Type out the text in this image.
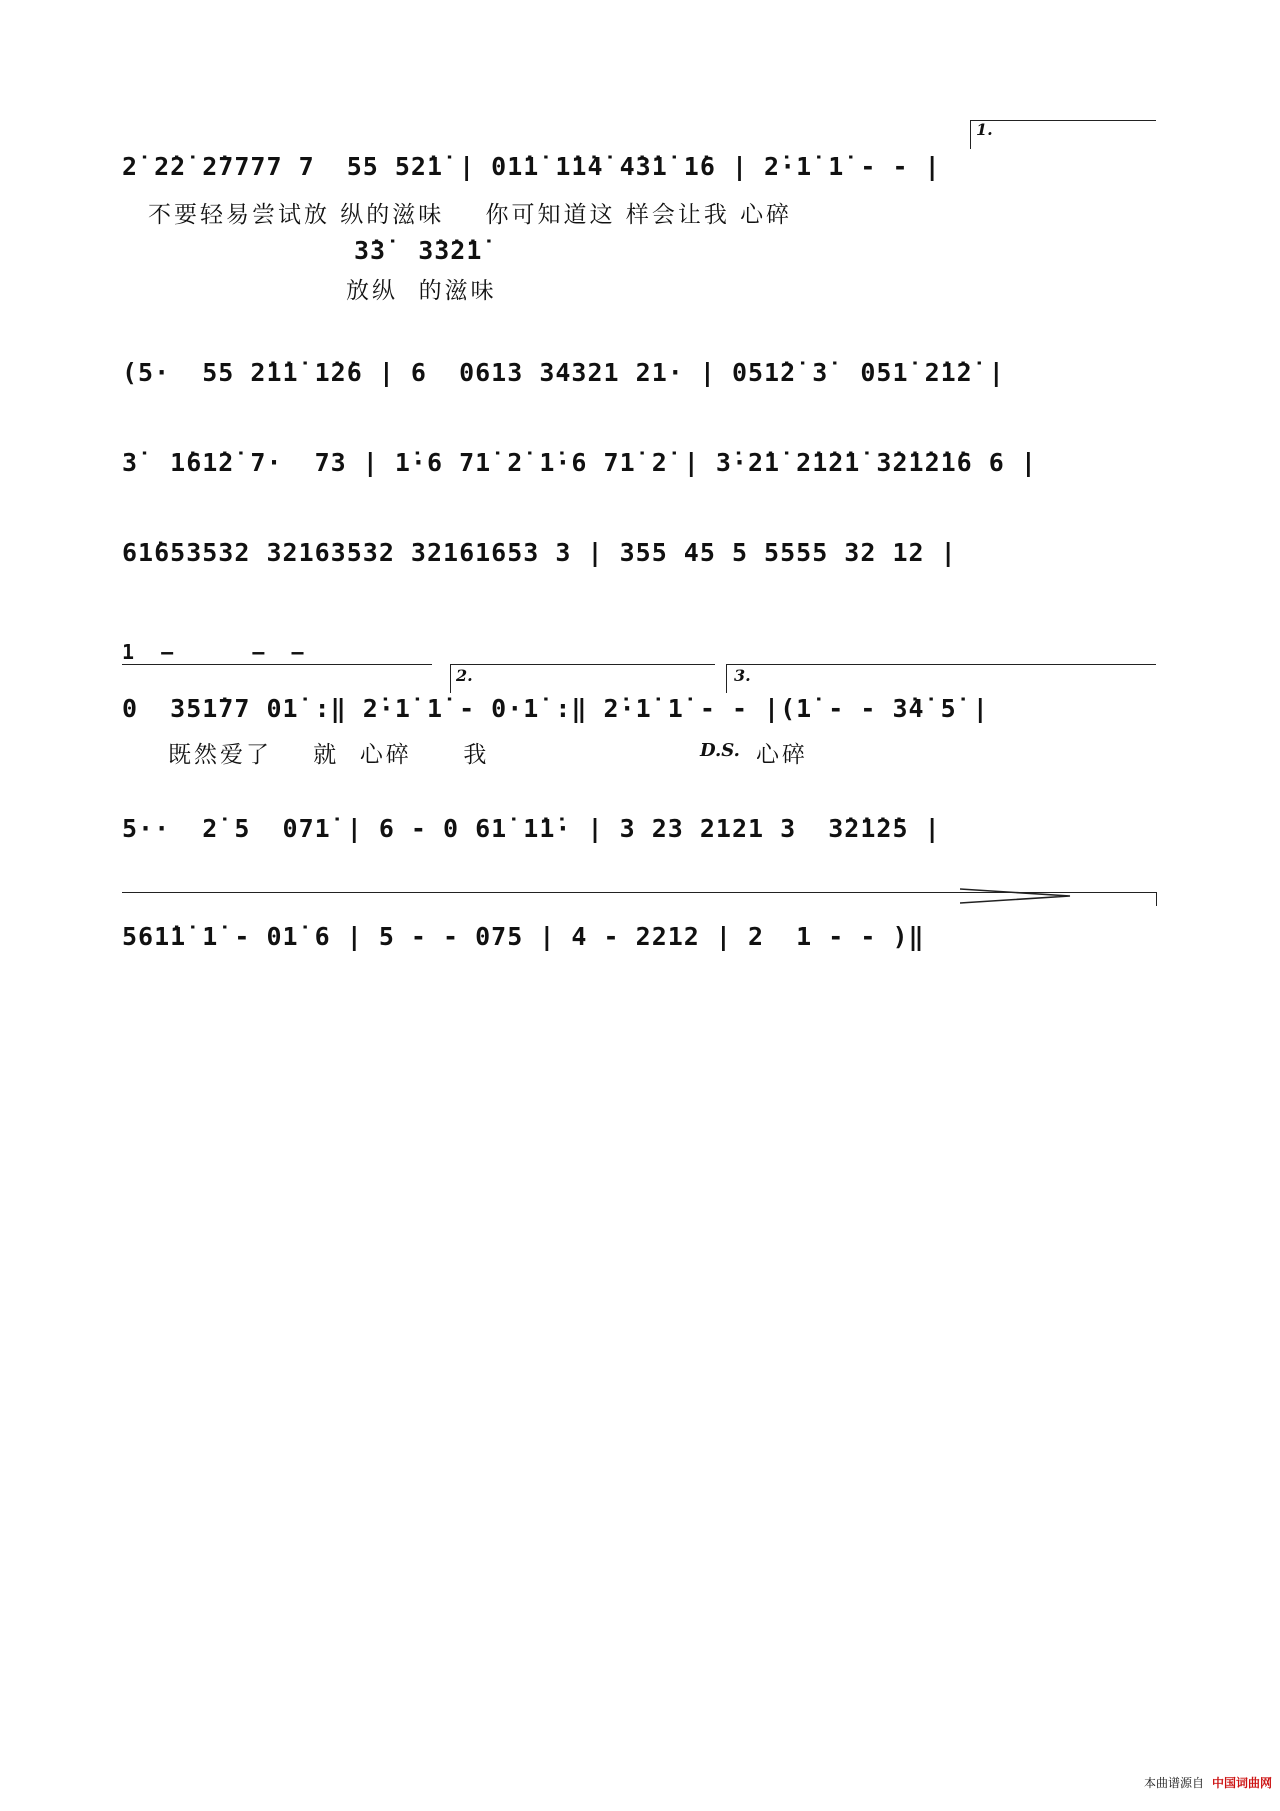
1.
2̇ 2̇2̇ 2̇7777 7  55 52̇1̇ | 01̇1̇ 1̇1̇4̇ 4̇3̇1̇ 1̇6 | 2̇·1̇ 1̇ - - |
不要轻易尝试放 纵的滋味    你可知道这 样会让我 心碎
3̇3̇  3̇3̇2̇1̇
放纵  的滋味
(5·  55 2̇1̇1̇ 1̇2̇6 | 6  0613 34321 21· | 051̇2̇ 3̇  051̇ 2̇1̇2̇ |
3̇  1̇61̇2̇ 7·  73 | 1̇·6 71̇ 2̇ 1̇·6 71̇ 2̇ | 3̇·2̇1̇ 2̇1̇2̇1̇ 3̇2̇1̇2̇1̇6 6 |
61̇653532 32163532 32161653 3 | 355 45 5 5555 32 12 |
1  –      –  –
2.	3.
0  351̇77 01̇ :‖ 2̇·1̇ 1̇ - 0·1̇ :‖ 2̇·1̇ 1̇ - - |(1̇ - - 3̇4̇ 5̇ |
既然爱了    就  心碎     我	D.S. 心碎
5··  2̇ 5  071̇ | 6 - 0 61̇ 1̇1̇· | 3 23 2121 3  3̇2̇1̇2̇5 |
561̇1̇ 1̇ - 01̇ 6 | 5 - - 075 | 4 - 2212 | 2  1 - - )‖

本曲谱源自 中国词曲网
